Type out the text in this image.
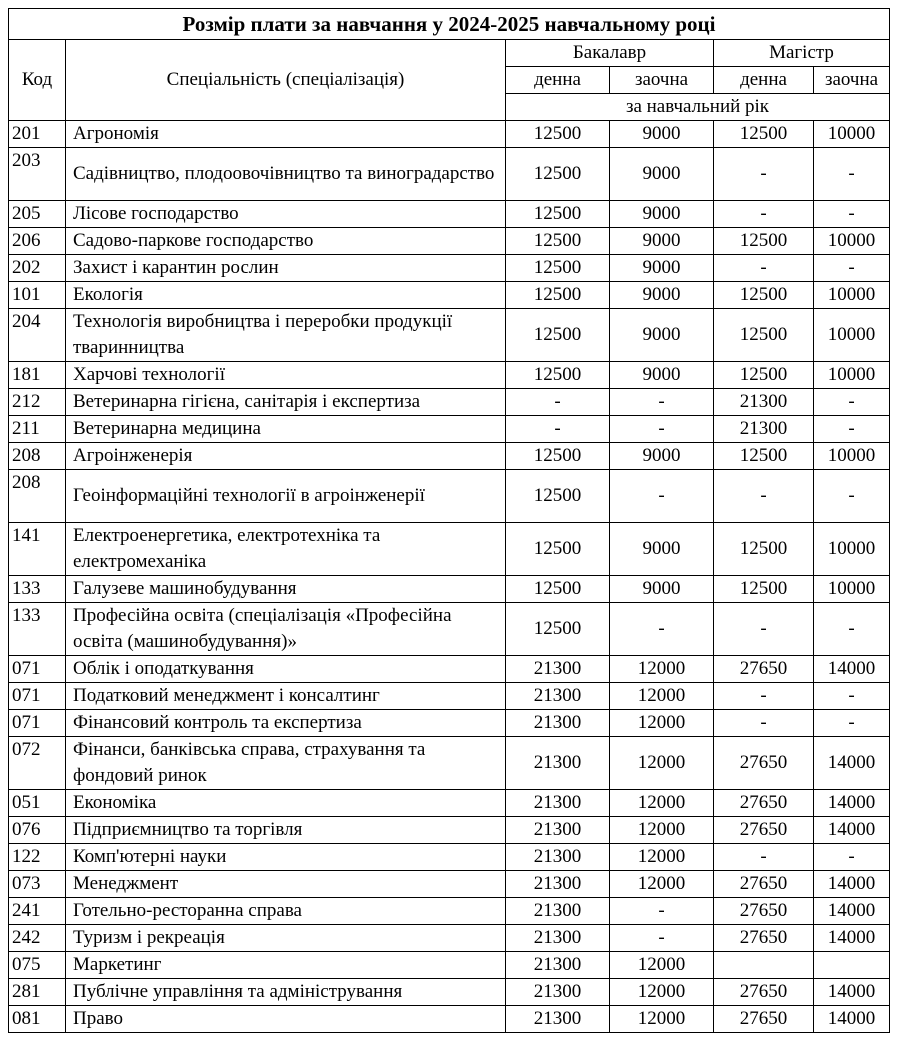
Розмір плати за навчання у 2024-2025 навчальному році					
Код	Спеціальність (спеціалізація)	Бакалавр		Магістр	
		денна	заочна	денна	заочна
		за навчальний рік			
201	Агрономія	12500	9000	12500	10000
203	Садівництво, плодоовочівництво та виноградарство	12500	9000	-	-
205	Лісове господарство	12500	9000	-	-
206	Садово-паркове господарство	12500	9000	12500	10000
202	Захист і карантин рослин	12500	9000	-	-
101	Екологія	12500	9000	12500	10000
204	Технологія виробництва і переробки продукції тваринництва	12500	9000	12500	10000
181	Харчові технології	12500	9000	12500	10000
212	Ветеринарна гігієна, санітарія і експертиза	-	-	21300	-
211	Ветеринарна медицина	-	-	21300	-
208	Агроінженерія	12500	9000	12500	10000
208	Геоінформаційні технології в агроінженерії	12500	-	-	-
141	Електроенергетика, електротехніка та електромеханіка	12500	9000	12500	10000
133	Галузеве машинобудування	12500	9000	12500	10000
133	Професійна освіта (спеціалізація «Професійна освіта (машинобудування)»	12500	-	-	-
071	Облік і оподаткування	21300	12000	27650	14000
071	Податковий менеджмент і консалтинг	21300	12000	-	-
071	Фінансовий контроль та експертиза	21300	12000	-	-
072	Фінанси, банківська справа, страхування та фондовий ринок	21300	12000	27650	14000
051	Економіка	21300	12000	27650	14000
076	Підприємництво та торгівля	21300	12000	27650	14000
122	Комп'ютерні науки	21300	12000	-	-
073	Менеджмент	21300	12000	27650	14000
241	Готельно-ресторанна справа	21300	-	27650	14000
242	Туризм і рекреація	21300	-	27650	14000
075	Маркетинг	21300	12000		
281	Публічне управління та адміністрування	21300	12000	27650	14000
081	Право	21300	12000	27650	14000
